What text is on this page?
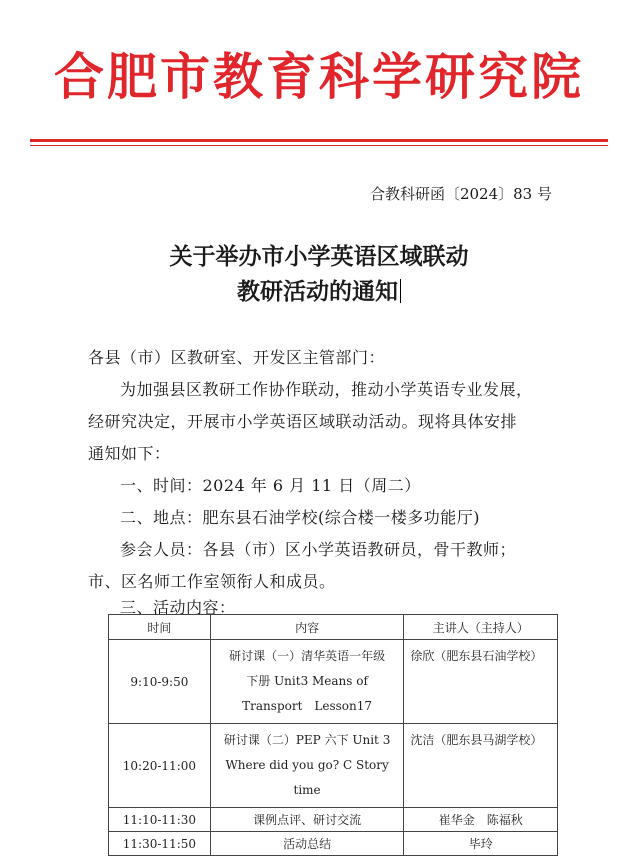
合肥市教育科学研究院
合教科研函〔2024〕83 号
关于举办市小学英语区域联动
教研活动的通知
各县（市）区教研室、开发区主管部门：
为加强县区教研工作协作联动，推动小学英语专业发展，
经研究决定，开展市小学英语区域联动活动。现将具体安排
通知如下：
一、时间：2024 年 6 月 11 日（周二）
二、地点：肥东县石油学校(综合楼一楼多功能厅)
参会人员：各县（市）区小学英语教研员，骨干教师；
市、区名师工作室领衔人和成员。
三、活动内容：
时间	内容	主讲人（主持人）
9:10-9:50	研讨课（一）清华英语一年级
下册 Unit3 Means of
Transport　Lesson17	徐欣（肥东县石油学校）
10:20-11:00	研讨课（二）PEP 六下 Unit 3
Where did you go? C Story
time	沈洁（肥东县马湖学校）
11:10-11:30	课例点评、研讨交流	崔华金　陈福秋
11:30-11:50	活动总结	毕玲
